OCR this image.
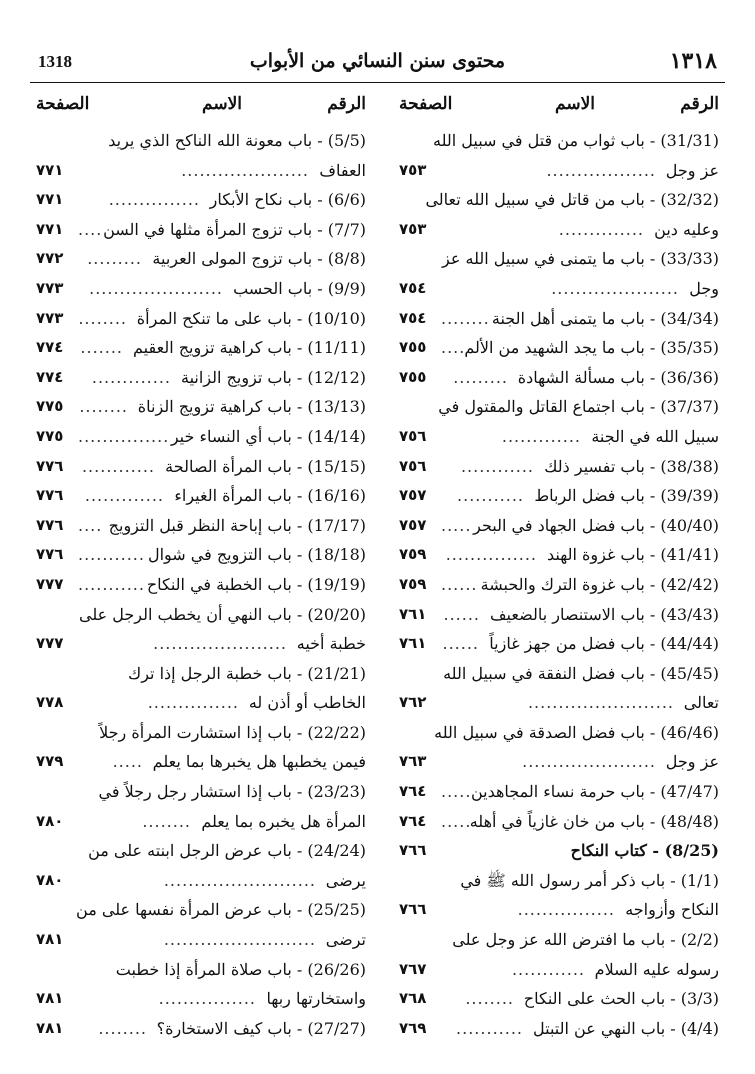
١٣١٨
محتوى سنن النسائي من الأبواب
1318
الرقم
الاسم
الصفحة
(31/31) - باب ثواب من قتل في سبيل الله
عز وجل
..................
٧٥٣
(32/32) - باب من قاتل في سبيل الله تعالى
وعليه دين
..............
٧٥٣
(33/33) - باب ما يتمنى في سبيل الله عز
وجل
.....................
٧٥٤
(34/34) - باب ما يتمنى أهل الجنة
........
٧٥٤
(35/35) - باب ما يجد الشهيد من الألم
....
٧٥٥
(36/36) - باب مسألة الشهادة
.........
٧٥٥
(37/37) - باب اجتماع القاتل والمقتول في
سبيل الله في الجنة
.............
٧٥٦
(38/38) - باب تفسير ذلك
............
٧٥٦
(39/39) - باب فضل الرباط
...........
٧٥٧
(40/40) - باب فضل الجهاد في البحر
.....
٧٥٧
(41/41) - باب غزوة الهند
...............
٧٥٩
(42/42) - باب غزوة الترك والحبشة
......
٧٥٩
(43/43) - باب الاستنصار بالضعيف
......
٧٦١
(44/44) - باب فضل من جهز غازياً
......
٧٦١
(45/45) - باب فضل النفقة في سبيل الله
تعالى
........................
٧٦٢
(46/46) - باب فضل الصدقة في سبيل الله
عز وجل
......................
٧٦٣
(47/47) - باب حرمة نساء المجاهدين
.....
٧٦٤
(48/48) - باب من خان غازياً في أهله
.....
٧٦٤
(8/25) - كتاب النكاح
٧٦٦
(1/1) - باب ذكر أمر رسول الله ﷺ في
النكاح وأزواجه
................
٧٦٦
(2/2) - باب ما افترض الله عز وجل على
رسوله عليه السلام
............
٧٦٧
(3/3) - باب الحث على النكاح
........
٧٦٨
(4/4) - باب النهي عن التبتل
...........
٧٦٩
الرقم
الاسم
الصفحة
(5/5) - باب معونة الله الناكح الذي يريد
العفاف
.....................
٧٧١
(6/6) - باب نكاح الأبكار
...............
٧٧١
(7/7) - باب تزوج المرأة مثلها في السن
....
٧٧١
(8/8) - باب تزوج المولى العربية
.........
٧٧٢
(9/9) - باب الحسب
......................
٧٧٣
(10/10) - باب على ما تنكح المرأة
........
٧٧٣
(11/11) - باب كراهية تزويج العقيم
.......
٧٧٤
(12/12) - باب تزويج الزانية
.............
٧٧٤
(13/13) - باب كراهية تزويج الزناة
........
٧٧٥
(14/14) - باب أي النساء خير
...............
٧٧٥
(15/15) - باب المرأة الصالحة
............
٧٧٦
(16/16) - باب المرأة الغيراء
.............
٧٧٦
(17/17) - باب إباحة النظر قبل التزويج
....
٧٧٦
(18/18) - باب التزويج في شوال
...........
٧٧٦
(19/19) - باب الخطبة في النكاح
...........
٧٧٧
(20/20) - باب النهي أن يخطب الرجل على
خطبة أخيه
......................
٧٧٧
(21/21) - باب خطبة الرجل إذا ترك
الخاطب أو أذن له
...............
٧٧٨
(22/22) - باب إذا استشارت المرأة رجلاً
فيمن يخطبها هل يخبرها بما يعلم
.....
٧٧٩
(23/23) - باب إذا استشار رجل رجلاً في
المرأة هل يخبره بما يعلم
........
٧٨٠
(24/24) - باب عرض الرجل ابنته على من
يرضى
.........................
٧٨٠
(25/25) - باب عرض المرأة نفسها على من
ترضى
.........................
٧٨١
(26/26) - باب صلاة المرأة إذا خطبت
واستخارتها ربها
................
٧٨١
(27/27) - باب كيف الاستخارة؟
........
٧٨١
